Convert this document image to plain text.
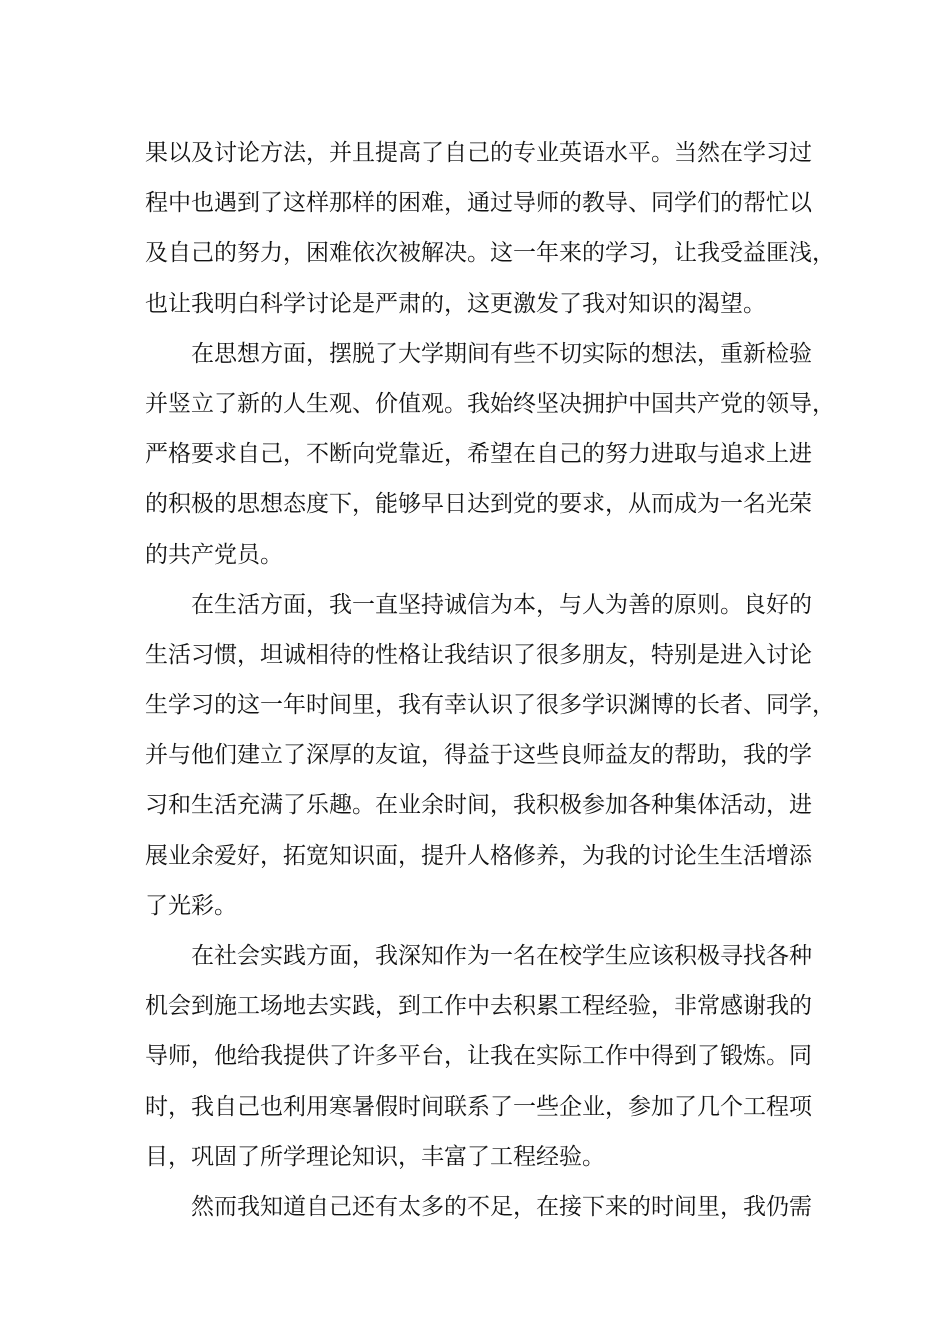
果以及讨论方法，并且提高了自己的专业英语水平。当然在学习过
程中也遇到了这样那样的困难，通过导师的教导、同学们的帮忙以
及自己的努力，困难依次被解决。这一年来的学习，让我受益匪浅，
也让我明白科学讨论是严肃的，这更激发了我对知识的渴望。
在思想方面，摆脱了大学期间有些不切实际的想法，重新检验
并竖立了新的人生观、价值观。我始终坚决拥护中国共产党的领导，
严格要求自己，不断向党靠近，希望在自己的努力进取与追求上进
的积极的思想态度下，能够早日达到党的要求，从而成为一名光荣
的共产党员。
在生活方面，我一直坚持诚信为本，与人为善的原则。良好的
生活习惯，坦诚相待的性格让我结识了很多朋友，特别是进入讨论
生学习的这一年时间里，我有幸认识了很多学识渊博的长者、同学，
并与他们建立了深厚的友谊，得益于这些良师益友的帮助，我的学
习和生活充满了乐趣。在业余时间，我积极参加各种集体活动，进
展业余爱好，拓宽知识面，提升人格修养，为我的讨论生生活增添
了光彩。
在社会实践方面，我深知作为一名在校学生应该积极寻找各种
机会到施工场地去实践，到工作中去积累工程经验，非常感谢我的
导师，他给我提供了许多平台，让我在实际工作中得到了锻炼。同
时，我自己也利用寒暑假时间联系了一些企业，参加了几个工程项
目，巩固了所学理论知识，丰富了工程经验。
然而我知道自己还有太多的不足，在接下来的时间里，我仍需
